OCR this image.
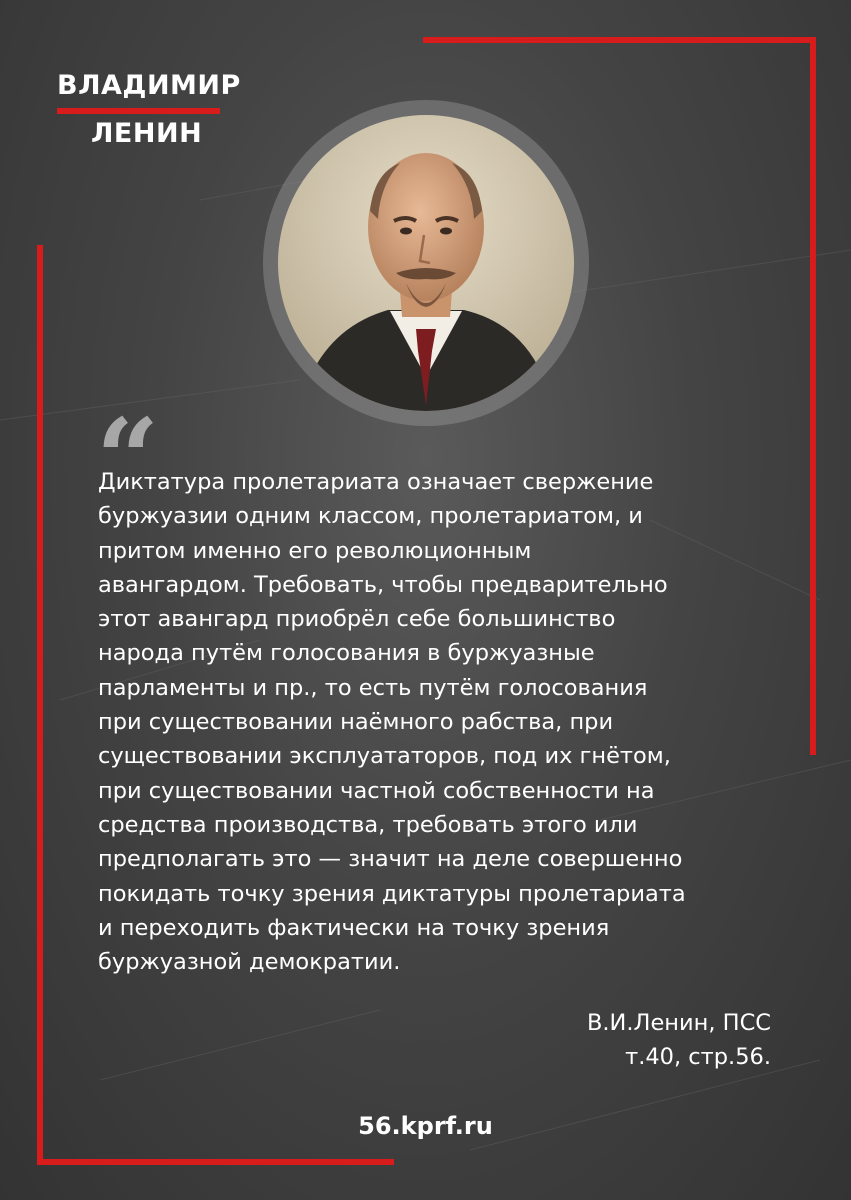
ВЛАДИМИР
ЛЕНИН
“

Диктатура пролетариата означает свержение
буржуазии одним классом, пролетариатом, и
притом именно его революционным
авангардом. Требовать, чтобы предварительно
этот авангард приобрёл себе большинство
народа путём голосования в буржуазные
парламенты и пр., то есть путём голосования
при существовании наёмного рабства, при
существовании эксплуататоров, под их гнётом,
при существовании частной собственности на
средства производства, требовать этого или
предполагать это — значит на деле совершенно
покидать точку зрения диктатуры пролетариата
и переходить фактически на точку зрения
буржуазной демократии.

В.И.Ленин, ПСС
т.40, стр.56.
56.kprf.ru
